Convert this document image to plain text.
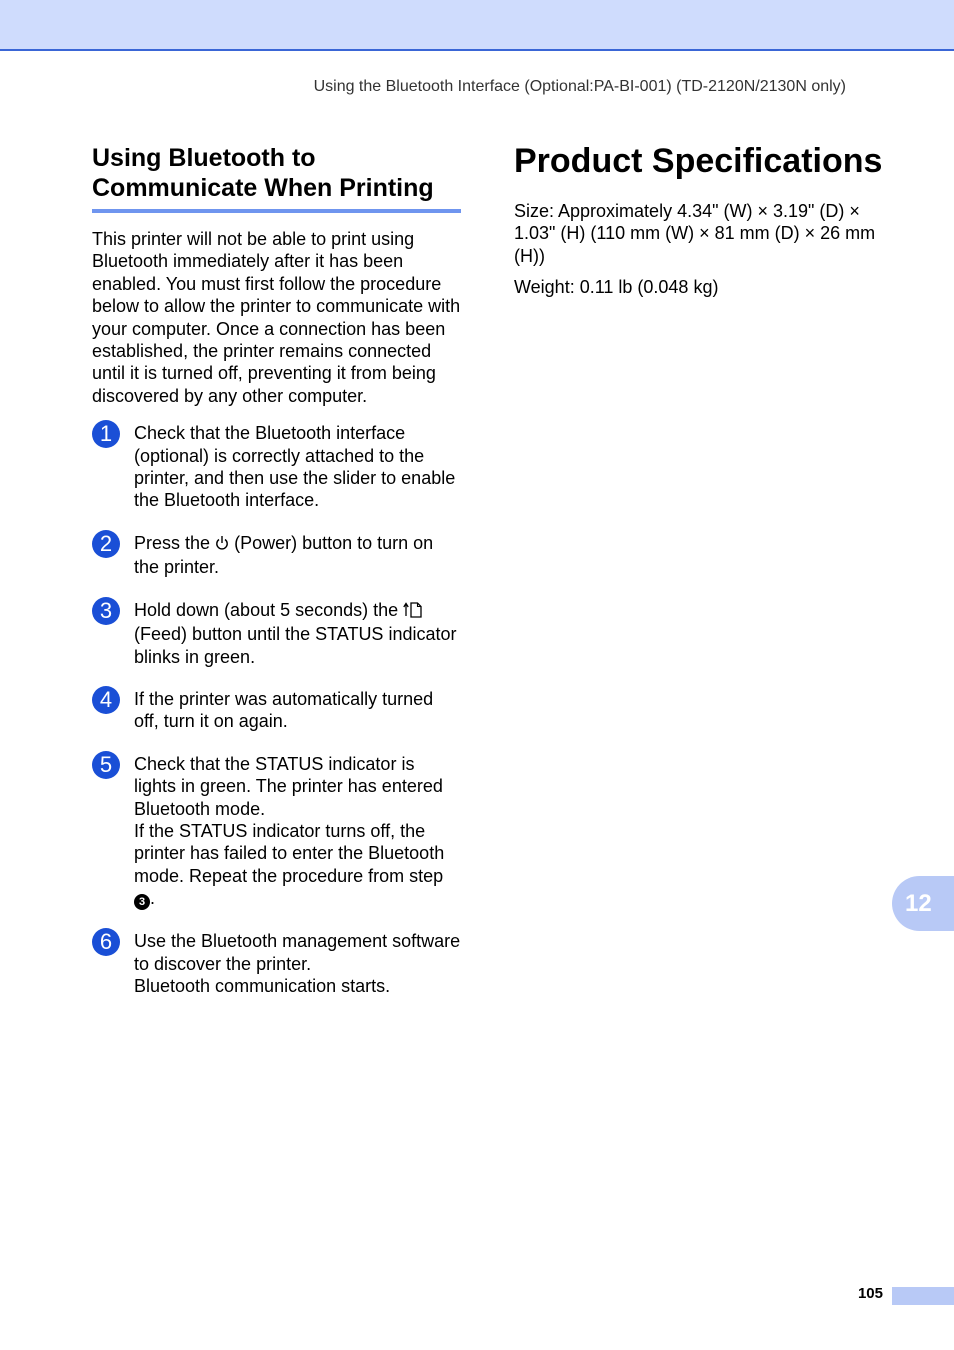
Using the Bluetooth Interface (Optional:PA-BI-001) (TD-2120N/2130N only)
Using Bluetooth to
Communicate When Printing

This printer will not be able to print using Bluetooth immediately after it has been enabled. You must first follow the procedure below to allow the printer to communicate with your computer. Once a connection has been established, the printer remains connected until it is turned off, preventing it from being discovered by any other computer.

1	Check that the Bluetooth interface (optional) is correctly attached to the printer, and then use the slider to enable the Bluetooth interface.
2	Press the (Power) button to turn on the printer.
3	Hold down (about 5 seconds) the  (Feed) button until the STATUS indicator blinks in green.
4	If the printer was automatically turned off, turn it on again.
5	Check that the STATUS indicator is lights in green. The printer has entered Bluetooth mode.
If the STATUS indicator turns off, the printer has failed to enter the Bluetooth mode. Repeat the procedure from step 3 .
6	Use the Bluetooth management software to discover the printer.
Bluetooth communication starts.
Product Specifications

Size: Approximately 4.34" (W) × 3.19" (D) × 1.03" (H) (110 mm (W) × 81 mm (D) × 26 mm (H))

Weight: 0.11 lb (0.048 kg)

12
105
